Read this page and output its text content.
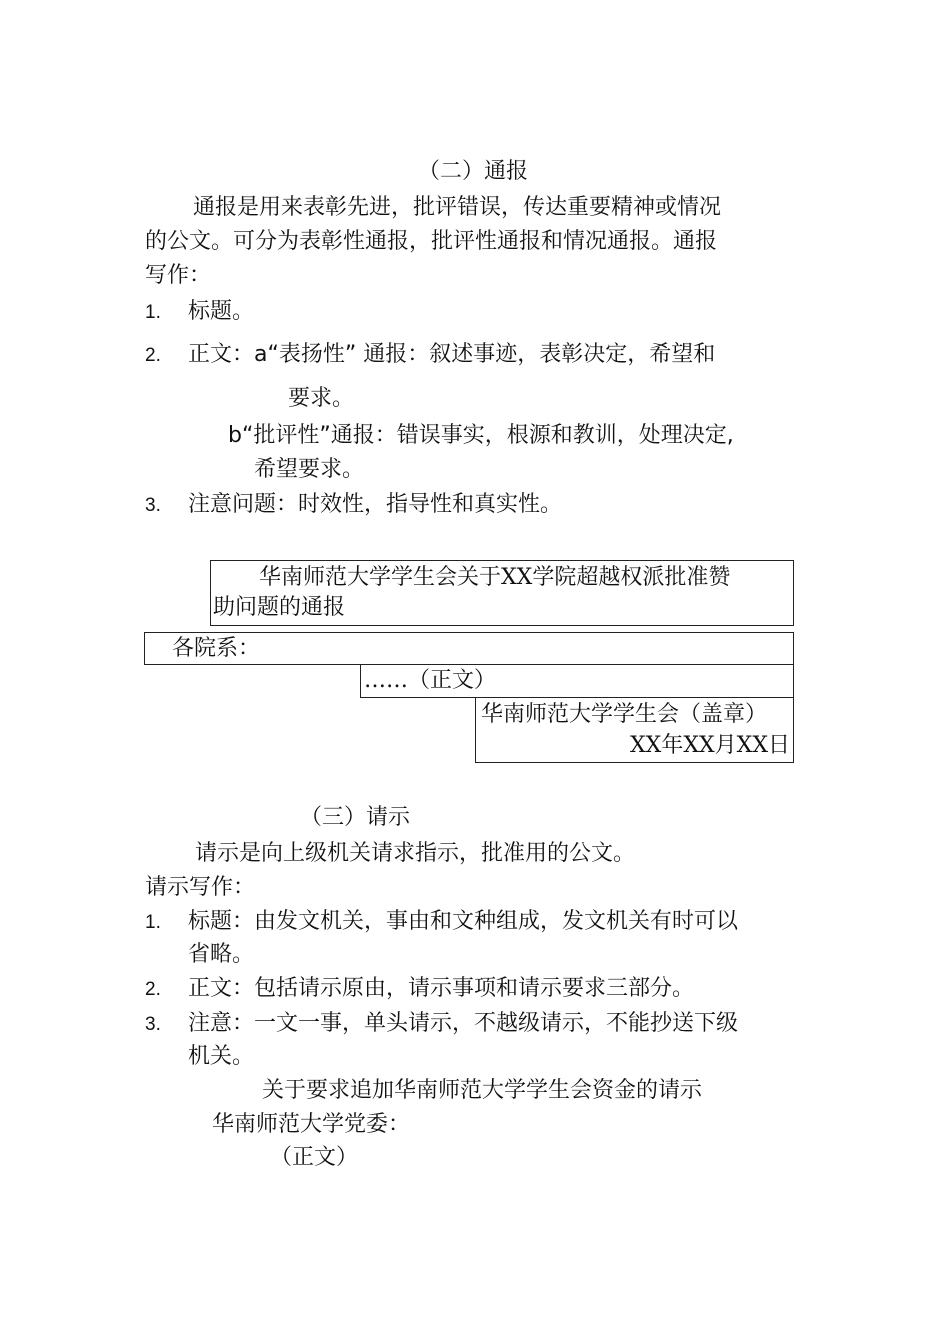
（二）通报
通报是用来表彰先进，批评错误，传达重要精神或情况
的公文。可分为表彰性通报，批评性通报和情况通报。通报
写作：
1. 标题。
2. 正文：a“表扬性” 通报：叙述事迹，表彰决定，希望和
要求。
b“批评性”通报：错误事实，根源和教训，处理决定,
希望要求。
3. 注意问题：时效性，指导性和真实性。
华南师范大学学生会关于XX学院超越权派批准赞
助问题的通报
各院系：
……（正文）
华南师范大学学生会（盖章）
XX年XX月XX日
（三）请示
请示是向上级机关请求指示，批准用的公文。
请示写作：
1. 标题：由发文机关，事由和文种组成，发文机关有时可以
省略。
2. 正文：包括请示原由，请示事项和请示要求三部分。
3. 注意：一文一事，单头请示，不越级请示，不能抄送下级
机关。
关于要求追加华南师范大学学生会资金的请示
华南师范大学党委：
（正文）
